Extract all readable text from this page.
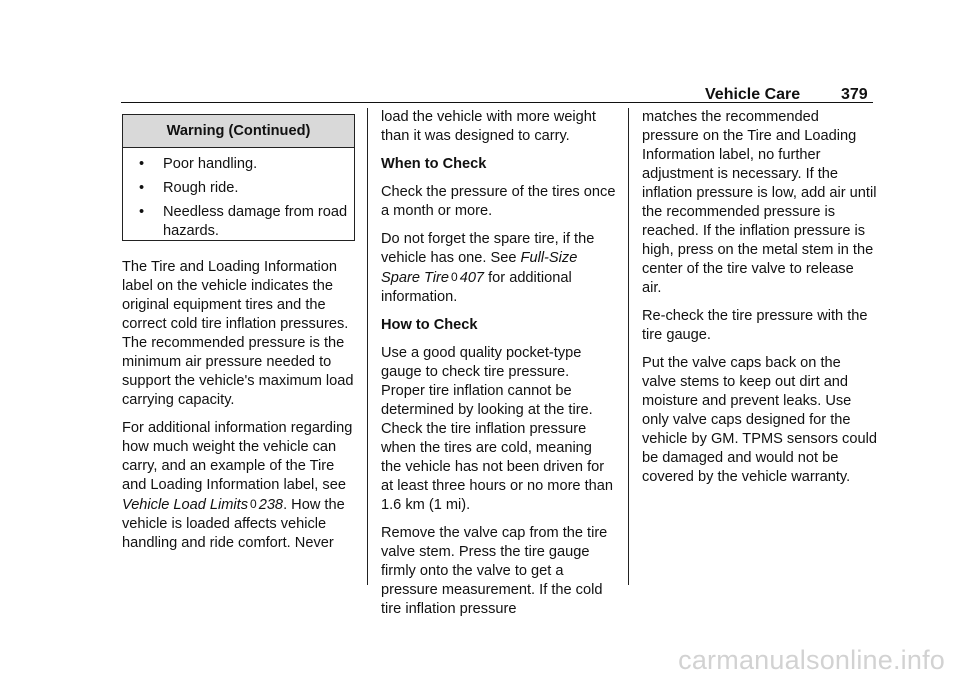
Vehicle Care	379
Warning (Continued)
• Poor handling.
• Rough ride.
• Needless damage from road hazards.

The Tire and Loading Information label on the vehicle indicates the original equipment tires and the correct cold tire inflation pressures. The recommended pressure is the minimum air pressure needed to support the vehicle's maximum load carrying capacity.

For additional information regarding how much weight the vehicle can carry, and an example of the Tire and Loading Information label, see Vehicle Load Limits 0 238. How the vehicle is loaded affects vehicle handling and ride comfort. Never

load the vehicle with more weight than it was designed to carry.

When to Check

Check the pressure of the tires once a month or more.

Do not forget the spare tire, if the vehicle has one. See Full-Size Spare Tire 0 407 for additional information.

How to Check

Use a good quality pocket-type gauge to check tire pressure. Proper tire inflation cannot be determined by looking at the tire. Check the tire inflation pressure when the tires are cold, meaning the vehicle has not been driven for at least three hours or no more than 1.6 km (1 mi).

Remove the valve cap from the tire valve stem. Press the tire gauge firmly onto the valve to get a pressure measurement. If the cold tire inflation pressure

matches the recommended pressure on the Tire and Loading Information label, no further adjustment is necessary. If the inflation pressure is low, add air until the recommended pressure is reached. If the inflation pressure is high, press on the metal stem in the center of the tire valve to release air.

Re-check the tire pressure with the tire gauge.

Put the valve caps back on the valve stems to keep out dirt and moisture and prevent leaks. Use only valve caps designed for the vehicle by GM. TPMS sensors could be damaged and would not be covered by the vehicle warranty.

carmanualsonline.info
